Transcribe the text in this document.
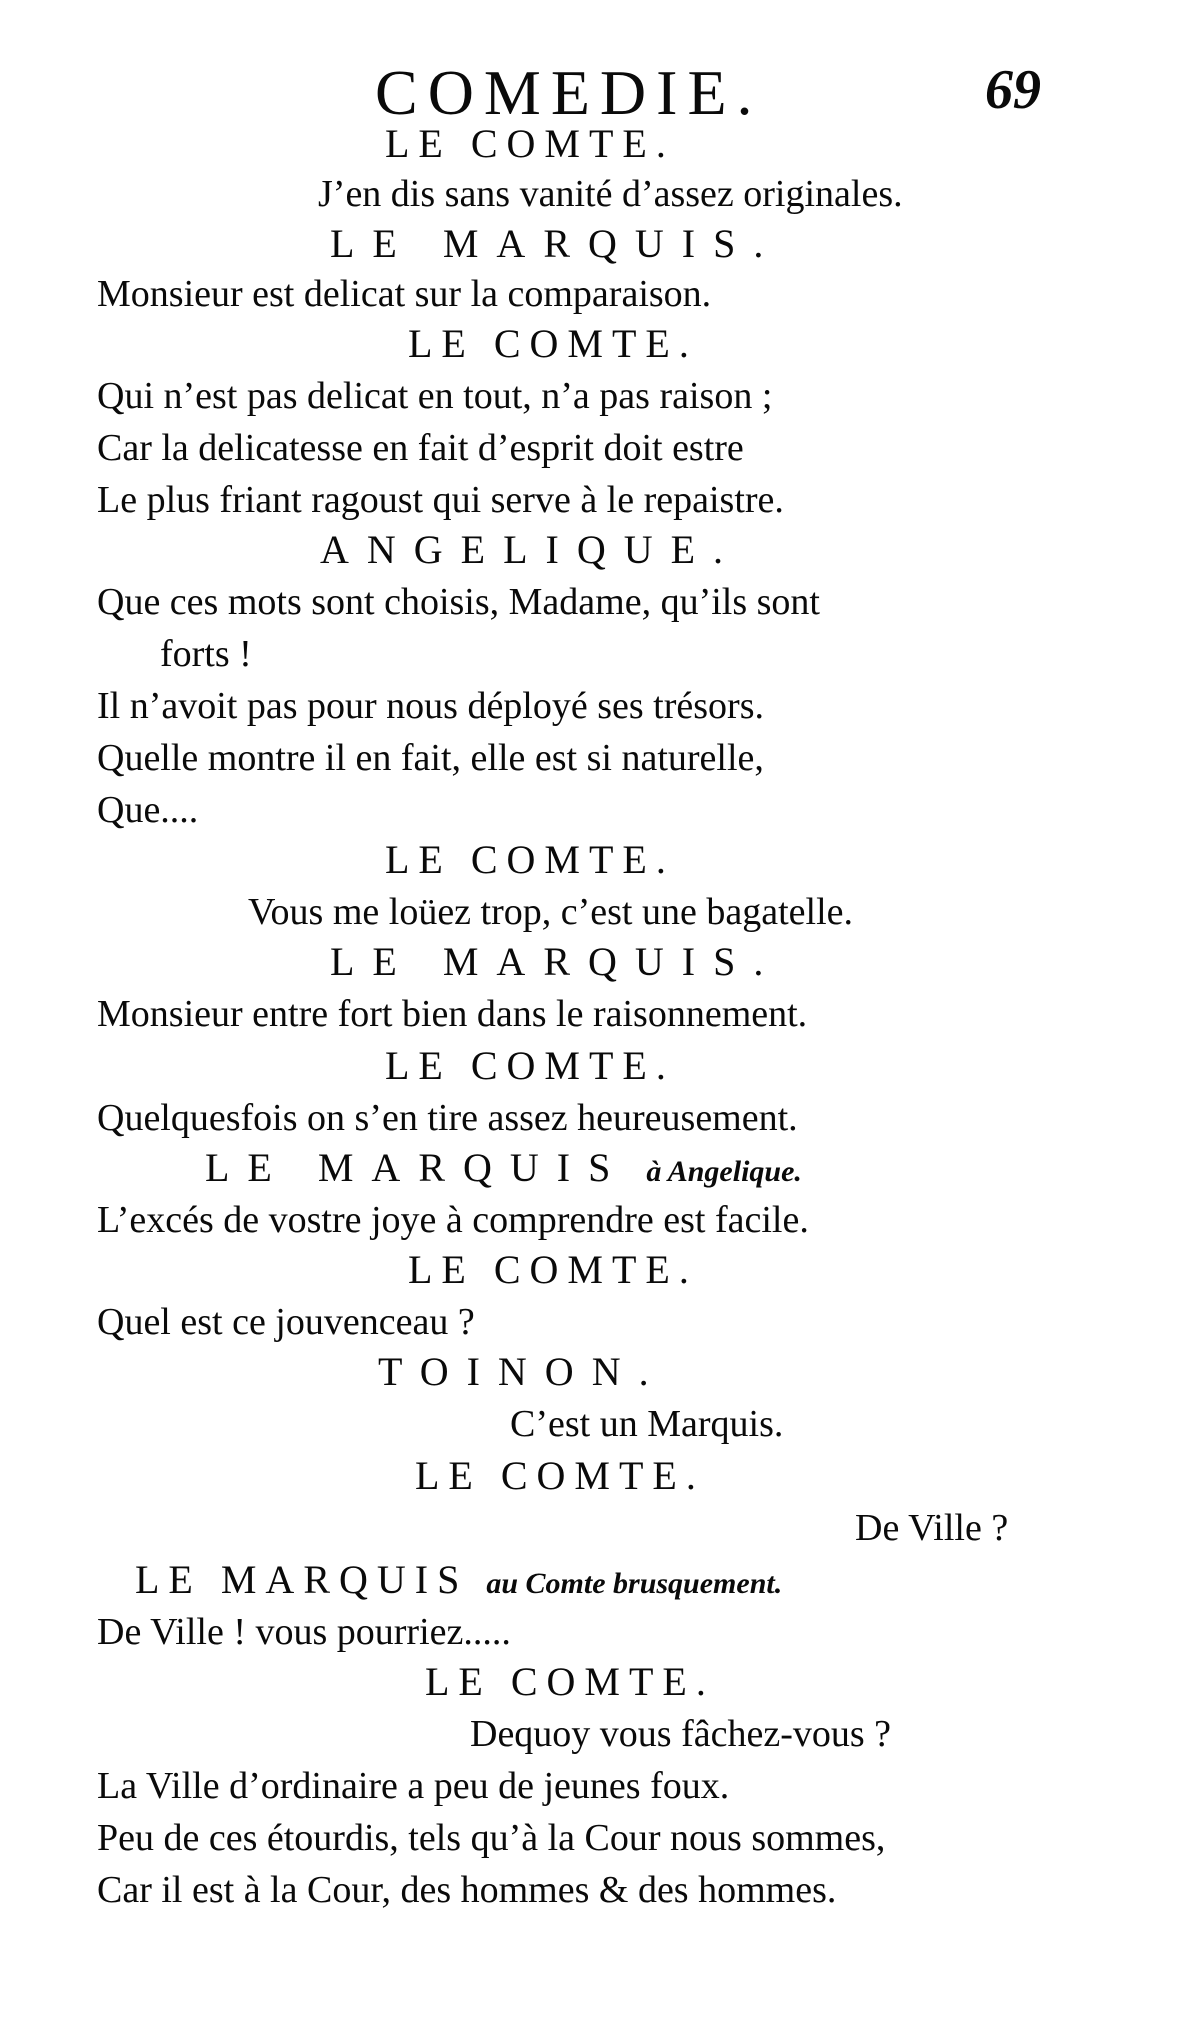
COMEDIE.	69
LE COMTE.
J’en dis sans vanité d’assez originales.
LE MARQUIS.
Monsieur est delicat sur la comparaison.
LE COMTE.
Qui n’est pas delicat en tout, n’a pas raison ;
Car la delicatesse en fait d’esprit doit estre
Le plus friant ragoust qui serve à le repaistre.
ANGELIQUE.
Que ces mots sont choisis, Madame, qu’ils sont
forts !
Il n’avoit pas pour nous déployé ses trésors.
Quelle montre il en fait, elle est si naturelle,
Que....
LE COMTE.
Vous me loüez trop, c’est une bagatelle.
LE MARQUIS.
Monsieur entre fort bien dans le raisonnement.
LE COMTE.
Quelquesfois on s’en tire assez heureusement.
LE MARQUIS à Angelique.
L’excés de vostre joye à comprendre est facile.
LE COMTE.
Quel est ce jouvenceau ?
TOINON.
C’est un Marquis.
LE COMTE.
De Ville ?
LE MARQUIS au Comte brusquement.
De Ville ! vous pourriez.....
LE COMTE.
Dequoy vous fâchez-vous ?
La Ville d’ordinaire a peu de jeunes foux.
Peu de ces étourdis, tels qu’à la Cour nous sommes,
Car il est à la Cour, des hommes & des hommes.
